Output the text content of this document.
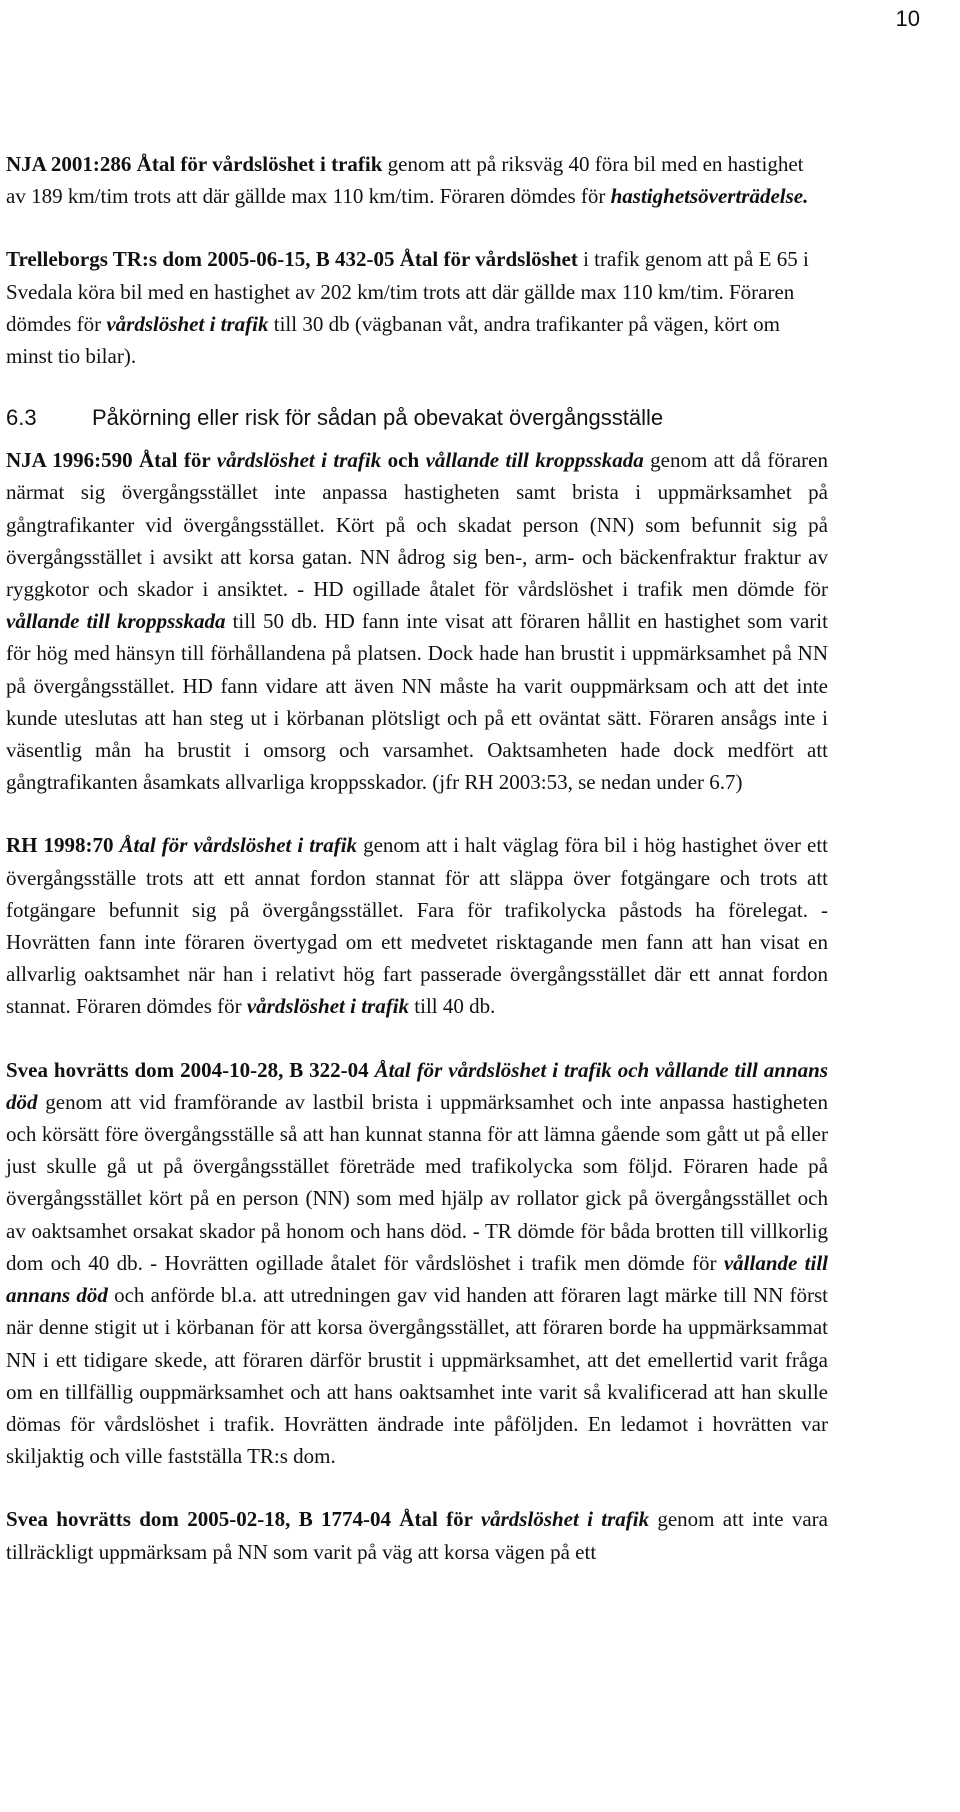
10

NJA 2001:286 Åtal för vårdslöshet i trafik genom att på riksväg 40 föra bil med en hastighet av 189 km/tim trots att där gällde max 110 km/tim. Föraren dömdes för hastighetsöverträdelse.

Trelleborgs TR:s dom 2005-06-15, B 432-05 Åtal för vårdslöshet i trafik genom att på E 65 i Svedala köra bil med en hastighet av 202 km/tim trots att där gällde max 110 km/tim. Föraren dömdes för vårdslöshet i trafik till 30 db (vägbanan våt, andra trafikanter på vägen, kört om minst tio bilar).

6.3	Påkörning eller risk för sådan på obevakat övergångsställe

NJA 1996:590 Åtal för vårdslöshet i trafik och vållande till kroppsskada genom att då föraren närmat sig övergångsstället inte anpassa hastigheten samt brista i uppmärksamhet på gångtrafikanter vid övergångsstället. Kört på och skadat person (NN) som befunnit sig på övergångsstället i avsikt att korsa gatan. NN ådrog sig ben-, arm- och bäckenfraktur fraktur av ryggkotor och skador i ansiktet. - HD ogillade åtalet för vårdslöshet i trafik men dömde för vållande till kroppsskada till 50 db. HD fann inte visat att föraren hållit en hastighet som varit för hög med hänsyn till förhållandena på platsen. Dock hade han brustit i uppmärksamhet på NN på övergångsstället. HD fann vidare att även NN måste ha varit ouppmärksam och att det inte kunde uteslutas att han steg ut i körbanan plötsligt och på ett oväntat sätt. Föraren ansågs inte i väsentlig mån ha brustit i omsorg och varsamhet. Oaktsamheten hade dock medfört att gångtrafikanten åsamkats allvarliga kroppsskador. (jfr RH 2003:53, se nedan under 6.7)

RH 1998:70 Åtal för vårdslöshet i trafik genom att i halt väglag föra bil i hög hastighet över ett övergångsställe trots att ett annat fordon stannat för att släppa över fotgängare och trots att fotgängare befunnit sig på övergångsstället. Fara för trafikolycka påstods ha förelegat. - Hovrätten fann inte föraren övertygad om ett medvetet risktagande men fann att han visat en allvarlig oaktsamhet när han i relativt hög fart passerade övergångsstället där ett annat fordon stannat. Föraren dömdes för vårdslöshet i trafik till 40 db.

Svea hovrätts dom 2004-10-28, B 322-04 Åtal för vårdslöshet i trafik och vållande till annans död genom att vid framförande av lastbil brista i uppmärksamhet och inte anpassa hastigheten och körsätt före övergångsställe så att han kunnat stanna för att lämna gående som gått ut på eller just skulle gå ut på övergångsstället företräde med trafikolycka som följd. Föraren hade på övergångsstället kört på en person (NN) som med hjälp av rollator gick på övergångsstället och av oaktsamhet orsakat skador på honom och hans död. - TR dömde för båda brotten till villkorlig dom och 40 db. - Hovrätten ogillade åtalet för vårdslöshet i trafik men dömde för vållande till annans död och anförde bl.a. att utredningen gav vid handen att föraren lagt märke till NN först när denne stigit ut i körbanan för att korsa övergångsstället, att föraren borde ha uppmärksammat NN i ett tidigare skede, att föraren därför brustit i uppmärksamhet, att det emellertid varit fråga om en tillfällig ouppmärksamhet och att hans oaktsamhet inte varit så kvalificerad att han skulle dömas för vårdslöshet i trafik. Hovrätten ändrade inte påföljden. En ledamot i hovrätten var skiljaktig och ville fastställa TR:s dom.

Svea hovrätts dom 2005-02-18, B 1774-04 Åtal för vårdslöshet i trafik genom att inte vara tillräckligt uppmärksam på NN som varit på väg att korsa vägen på ett
